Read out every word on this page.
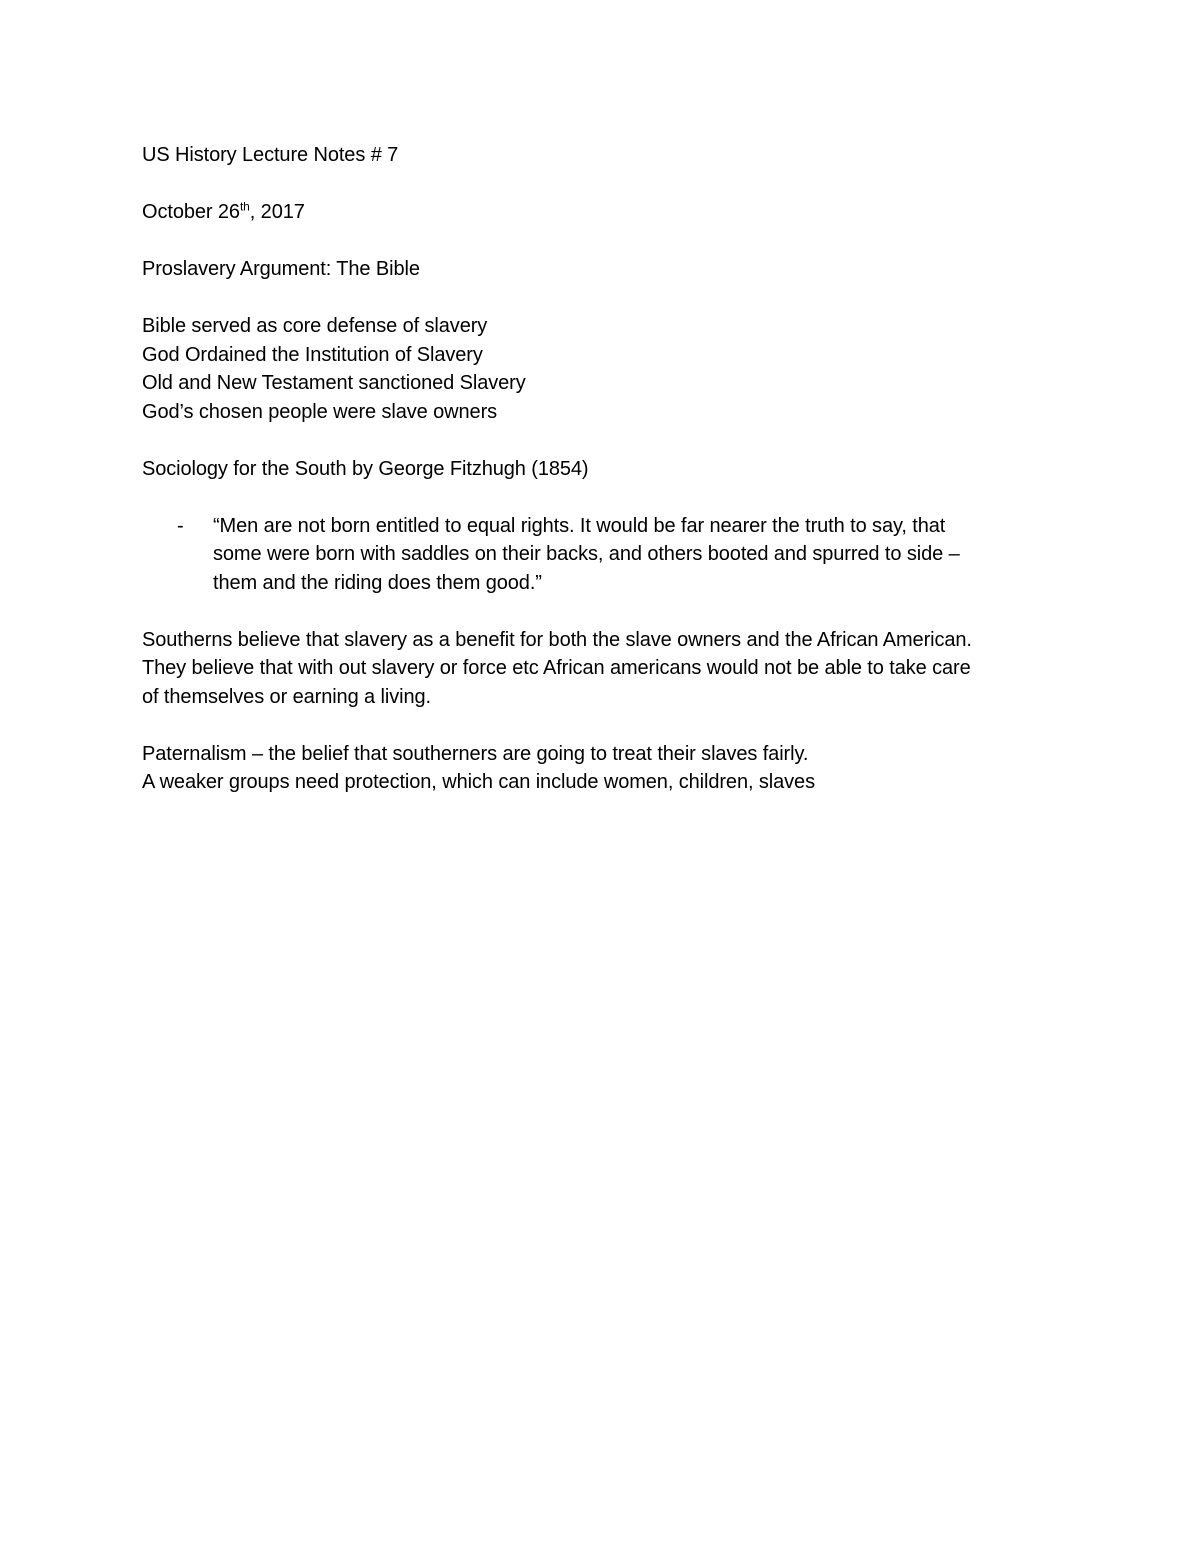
US History Lecture Notes # 7

October 26th, 2017

Proslavery Argument: The Bible

Bible served as core defense of slavery

God Ordained the Institution of Slavery

Old and New Testament sanctioned Slavery

God’s chosen people were slave owners

Sociology for the South by George Fitzhugh (1854)

- “Men are not born entitled to equal rights. It would be far nearer the truth to say, that

some were born with saddles on their backs, and others booted and spurred to side –

them and the riding does them good.”

Southerns believe that slavery as a benefit for both the slave owners and the African American.

They believe that with out slavery or force etc African americans would not be able to take care

of themselves or earning a living.

Paternalism – the belief that southerners are going to treat their slaves fairly.

A weaker groups need protection, which can include women, children, slaves
